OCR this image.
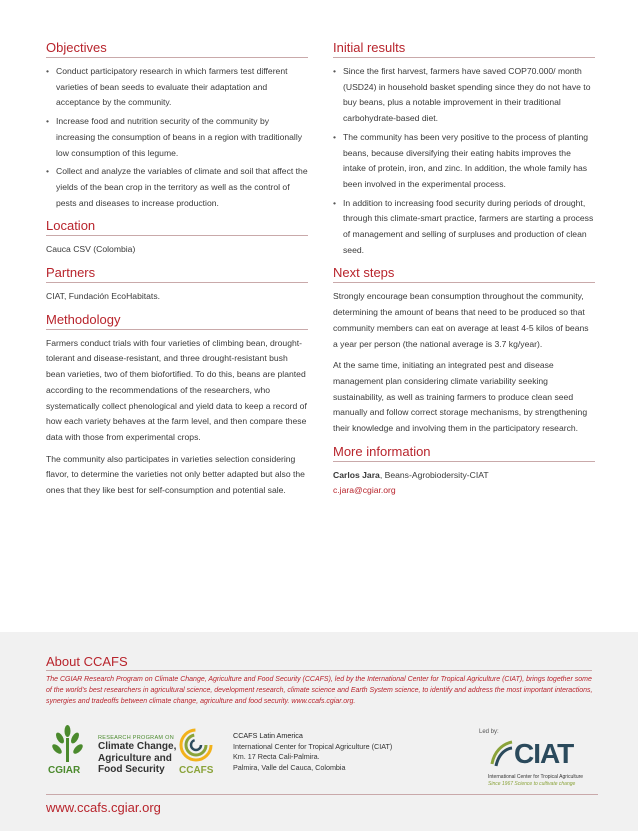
Objectives
• Conduct participatory research in which farmers test different varieties of bean seeds to evaluate their adaptation and acceptance by the community.
• Increase food and nutrition security of the community by increasing the consumption of beans in a region with traditionally low consumption of this legume.
• Collect and analyze the variables of climate and soil that affect the yields of the bean crop in the territory as well as the control of pests and diseases to increase production.
Location

Cauca CSV (Colombia)

Partners

CIAT, Fundación EcoHabitats.

Methodology

Farmers conduct trials with four varieties of climbing bean, drought-tolerant and disease-resistant, and three drought-resistant bush bean varieties, two of them biofortified. To do this, beans are planted according to the recommendations of the researchers, who systematically collect phenological and yield data to keep a record of how each variety behaves at the farm level, and then compare these data with those from experimental crops.

The community also participates in varieties selection considering flavor, to determine the varieties not only better adapted but also the ones that they like best for self-consumption and potential sale.

Initial results
• Since the first harvest, farmers have saved COP70.000/ month (USD24) in household basket spending since they do not have to buy beans, plus a notable improvement in their traditional carbohydrate-based diet.
• The community has been very positive to the process of planting beans, because diversifying their eating habits improves the intake of protein, iron, and zinc. In addition, the whole family has been involved in the experimental process.
• In addition to increasing food security during periods of drought, through this climate-smart practice, farmers are starting a process of management and selling of surpluses and production of clean seed.
Next steps

Strongly encourage bean consumption throughout the community, determining the amount of beans that need to be produced so that community members can eat on average at least 4-5 kilos of beans a year per person (the national average is 3.7 kg/year).

At the same time, initiating an integrated pest and disease management plan considering climate variability seeking sustainability, as well as training farmers to produce clean seed manually and follow correct storage mechanisms, by strengthening their knowledge and involving them in the participatory research.

More information

Carlos Jara, Beans-Agrobiodersity-CIAT

c.jara@cgiar.org

About CCAFS
The CGIAR Research Program on Climate Change, Agriculture and Food Security (CCAFS), led by the International Center for Tropical Agriculture (CIAT), brings together some of the world's best researchers in agricultural science, development research, climate science and Earth System science, to identify and address the most important interactions, synergies and tradeoffs between climate change, agriculture and food security. www.ccafs.cgiar.org.
CGIAR
RESEARCH PROGRAM ON
Climate Change,
Agriculture and
Food Security	CCAFS
CCAFS Latin America
International Center for Tropical Agriculture (CIAT)
Km. 17 Recta Cali-Palmira.
Palmira, Valle del Cauca, Colombia
Led by:
CIAT
International Center for Tropical Agriculture
Since 1967 Science to cultivate change
www.ccafs.cgiar.org
